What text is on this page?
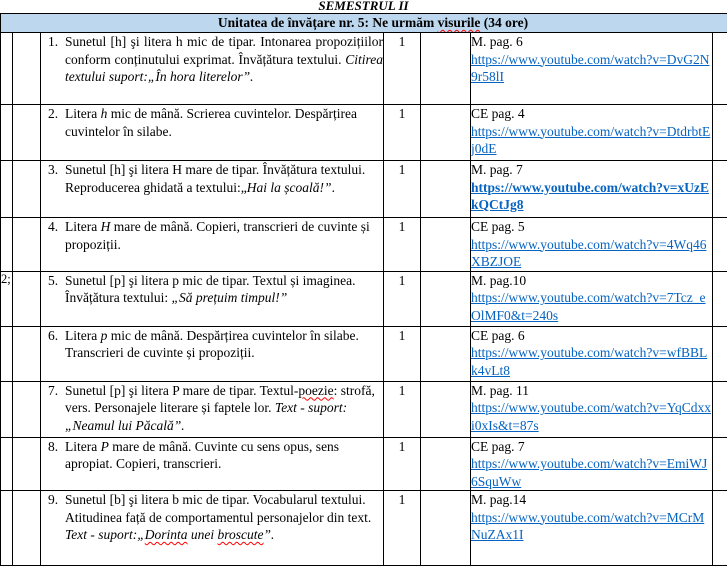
SEMESTRUL II
Unitatea de învățare nr. 5: Ne urmăm visurile (34 ore)						

		1. Sunetul [h] şi litera h mic de tipar. Intonarea propozițiilor conform conținutului exprimat. Învățătura textului. Citirea textului suport:„În hora literelor”.	1		M. pag. 6
https://www.youtube.com/watch?v=DvG2N9r58lI	

		2. Litera h mic de mână. Scrierea cuvintelor. Despărțirea cuvintelor în silabe.	1		CE pag. 4
https://www.youtube.com/watch?v=DtdrbtEj0dE	

		3. Sunetul [h] şi litera H mare de tipar. Învățătura textului. Reproducerea ghidată a textului:„Hai la școală!”.	1		M. pag. 7
https://www.youtube.com/watch?v=xUzEkQCtJg8	

		4. Litera H mare de mână. Copieri, transcrieri de cuvinte și propoziții.	1		CE pag. 5
https://www.youtube.com/watch?v=4Wq46XBZJOE	
2;		5. Sunetul [p] şi litera p mic de tipar. Textul și imaginea. Învățătura textului: „Să prețuim timpul!”	1		M. pag.10
https://www.youtube.com/watch?v=7Tcz_eOlMF0&t=240s	

		6. Litera p mic de mână. Despărțirea cuvintelor în silabe. Transcrieri de cuvinte și propoziții.	1		CE pag. 6
https://www.youtube.com/watch?v=wfBBLk4vLt8	

		7. Sunetul [p] şi litera P mare de tipar. Textul-poezie: strofă, vers. Personajele literare și faptele lor. Text - suport:„Neamul lui Păcală”.	1		M. pag. 11
https://www.youtube.com/watch?v=YqCdxxi0xIs&t=87s	

		8. Litera P mare de mână. Cuvinte cu sens opus, sens apropiat. Copieri, transcrieri.	1		CE pag. 7
https://www.youtube.com/watch?v=EmiWJ6SquWw	

		9. Sunetul [b] şi litera b mic de tipar. Vocabularul textului. Atitudinea față de comportamentul personajelor din text. Text - suport:„Dorinta unei broscute”.	1		M. pag.14
https://www.youtube.com/watch?v=MCrMNuZAx1I	
